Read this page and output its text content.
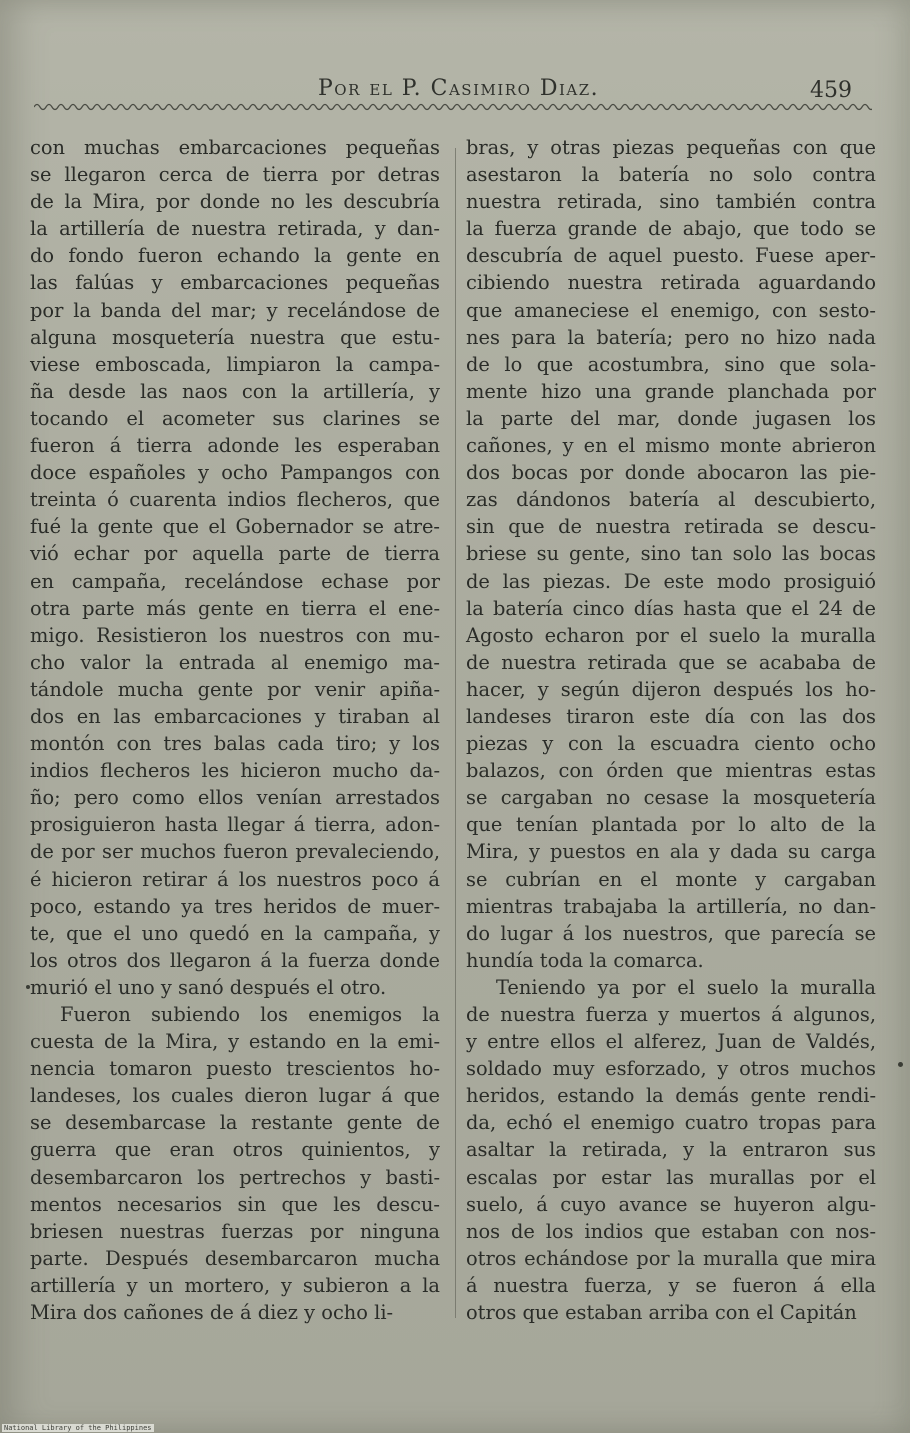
Por el P. Casimiro Diaz.	459
con muchas embarcaciones pequeñas
se llegaron cerca de tierra por detras
de la Mira, por donde no les descubría
la artillería de nuestra retirada, y dan-
do fondo fueron echando la gente en
las falúas y embarcaciones pequeñas
por la banda del mar; y recelándose de
alguna mosquetería nuestra que estu-
viese emboscada, limpiaron la campa-
ña desde las naos con la artillería, y
tocando el acometer sus clarines se
fueron á tierra adonde les esperaban
doce españoles y ocho Pampangos con
treinta ó cuarenta indios flecheros, que
fué la gente que el Gobernador se atre-
vió echar por aquella parte de tierra
en campaña, recelándose echase por
otra parte más gente en tierra el ene-
migo. Resistieron los nuestros con mu-
cho valor la entrada al enemigo ma-
tándole mucha gente por venir apiña-
dos en las embarcaciones y tiraban al
montón con tres balas cada tiro; y los
indios flecheros les hicieron mucho da-
ño; pero como ellos venían arrestados
prosiguieron hasta llegar á tierra, adon-
de por ser muchos fueron prevaleciendo,
é hicieron retirar á los nuestros poco á
poco, estando ya tres heridos de muer-
te, que el uno quedó en la campaña, y
los otros dos llegaron á la fuerza donde
murió el uno y sanó después el otro.
Fueron subiendo los enemigos la
cuesta de la Mira, y estando en la emi-
nencia tomaron puesto trescientos ho-
landeses, los cuales dieron lugar á que
se desembarcase la restante gente de
guerra que eran otros quinientos, y
desembarcaron los pertrechos y basti-
mentos necesarios sin que les descu-
briesen nuestras fuerzas por ninguna
parte. Después desembarcaron mucha
artillería y un mortero, y subieron a la
Mira dos cañones de á diez y ocho li-
bras, y otras piezas pequeñas con que
asestaron la batería no solo contra
nuestra retirada, sino también contra
la fuerza grande de abajo, que todo se
descubría de aquel puesto. Fuese aper-
cibiendo nuestra retirada aguardando
que amaneciese el enemigo, con sesto-
nes para la batería; pero no hizo nada
de lo que acostumbra, sino que sola-
mente hizo una grande planchada por
la parte del mar, donde jugasen los
cañones, y en el mismo monte abrieron
dos bocas por donde abocaron las pie-
zas dándonos batería al descubierto,
sin que de nuestra retirada se descu-
briese su gente, sino tan solo las bocas
de las piezas. De este modo prosiguió
la batería cinco días hasta que el 24 de
Agosto echaron por el suelo la muralla
de nuestra retirada que se acababa de
hacer, y según dijeron después los ho-
landeses tiraron este día con las dos
piezas y con la escuadra ciento ocho
balazos, con órden que mientras estas
se cargaban no cesase la mosquetería
que tenían plantada por lo alto de la
Mira, y puestos en ala y dada su carga
se cubrían en el monte y cargaban
mientras trabajaba la artillería, no dan-
do lugar á los nuestros, que parecía se
hundía toda la comarca.
Teniendo ya por el suelo la muralla
de nuestra fuerza y muertos á algunos,
y entre ellos el alferez, Juan de Valdés,
soldado muy esforzado, y otros muchos
heridos, estando la demás gente rendi-
da, echó el enemigo cuatro tropas para
asaltar la retirada, y la entraron sus
escalas por estar las murallas por el
suelo, á cuyo avance se huyeron algu-
nos de los indios que estaban con nos-
otros echándose por la muralla que mira
á nuestra fuerza, y se fueron á ella
otros que estaban arriba con el Capitán
National Library of the Philippines
